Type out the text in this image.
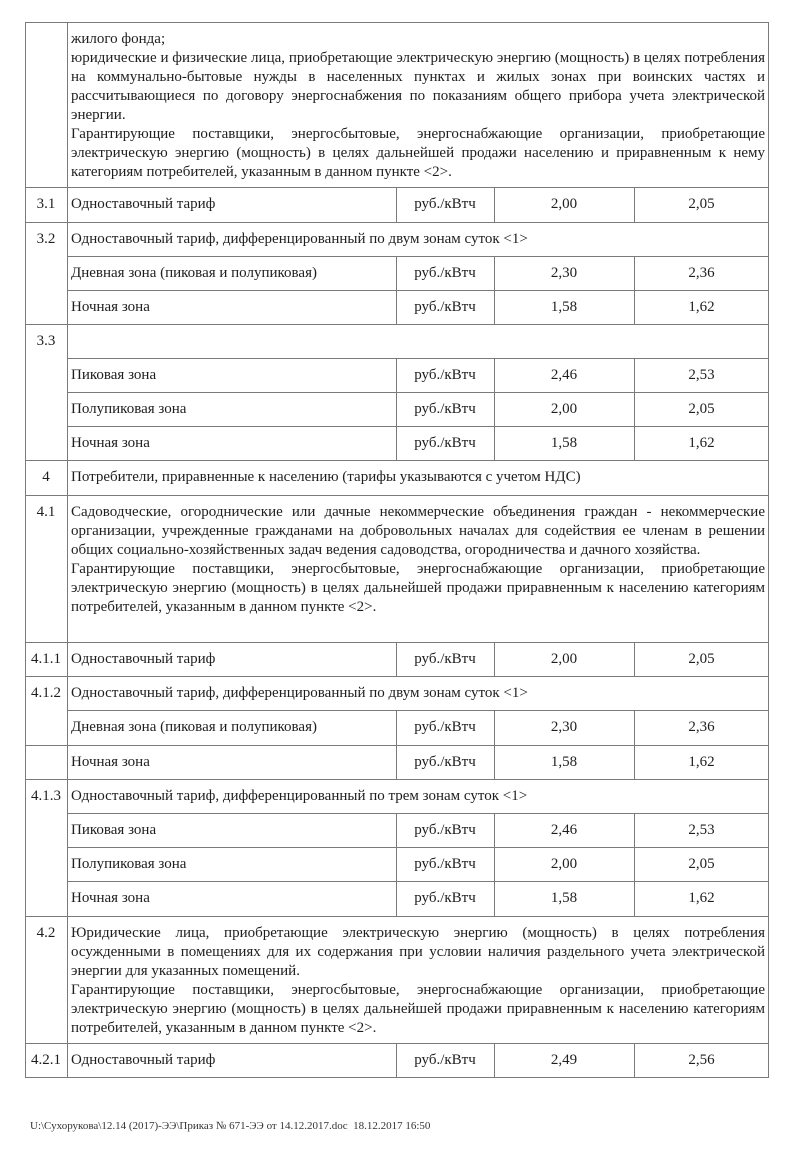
жилого фонда;
юридические и физические лица, приобретающие электрическую энергию (мощность) в целях потребления на коммунально-бытовые нужды в населенных пунктах и жилых зонах при воинских частях и рассчитывающиеся по договору энергоснабжения по показаниям общего прибора учета электрической энергии.
Гарантирующие поставщики, энергосбытовые, энергоснабжающие организации, приобретающие электрическую энергию (мощность) в целях дальнейшей продажи населению и приравненным к нему категориям потребителей, указанным в данном пункте <2>.
3.1	Одноставочный тариф	руб./кВтч	2,00	2,05
3.2	Одноставочный тариф, дифференцированный по двум зонам суток <1>
Дневная зона (пиковая и полупиковая)	руб./кВтч	2,30	2,36
Ночная зона	руб./кВтч	1,58	1,62
3.3
Пиковая зона	руб./кВтч	2,46	2,53
Полупиковая зона	руб./кВтч	2,00	2,05
Ночная зона	руб./кВтч	1,58	1,62
4	Потребители, приравненные к населению (тарифы указываются с учетом НДС)
4.1	Садоводческие, огороднические или дачные некоммерческие объединения граждан - некоммерческие организации, учрежденные гражданами на добровольных началах для содействия ее членам в решении общих социально-хозяйственных задач ведения садоводства, огородничества и дачного хозяйства.
Гарантирующие поставщики, энергосбытовые, энергоснабжающие организации, приобретающие электрическую энергию (мощность) в целях дальнейшей продажи приравненным к населению категориям потребителей, указанным в данном пункте <2>.
4.1.1 Одноставочный тариф	руб./кВтч	2,00	2,05
4.1.2 Одноставочный тариф, дифференцированный по двум зонам суток <1>
Дневная зона (пиковая и полупиковая)	руб./кВтч	2,30	2,36
Ночная зона	руб./кВтч	1,58	1,62
4.1.3 Одноставочный тариф, дифференцированный по трем зонам суток <1>
Пиковая зона	руб./кВтч	2,46	2,53
Полупиковая зона	руб./кВтч	2,00	2,05
Ночная зона	руб./кВтч	1,58	1,62
4.2	Юридические лица, приобретающие электрическую энергию (мощность) в целях потребления осужденными в помещениях для их содержания при условии наличия раздельного учета электрической энергии для указанных помещений.
Гарантирующие поставщики, энергосбытовые, энергоснабжающие организации, приобретающие электрическую энергию (мощность) в целях дальнейшей продажи приравненным к населению категориям потребителей, указанным в данном пункте <2>.
4.2.1 Одноставочный тариф	руб./кВтч	2,49	2,56
U:\Сухорукова\12.14 (2017)-ЭЭ\Приказ № 671-ЭЭ от 14.12.2017.doc  18.12.2017 16:50
